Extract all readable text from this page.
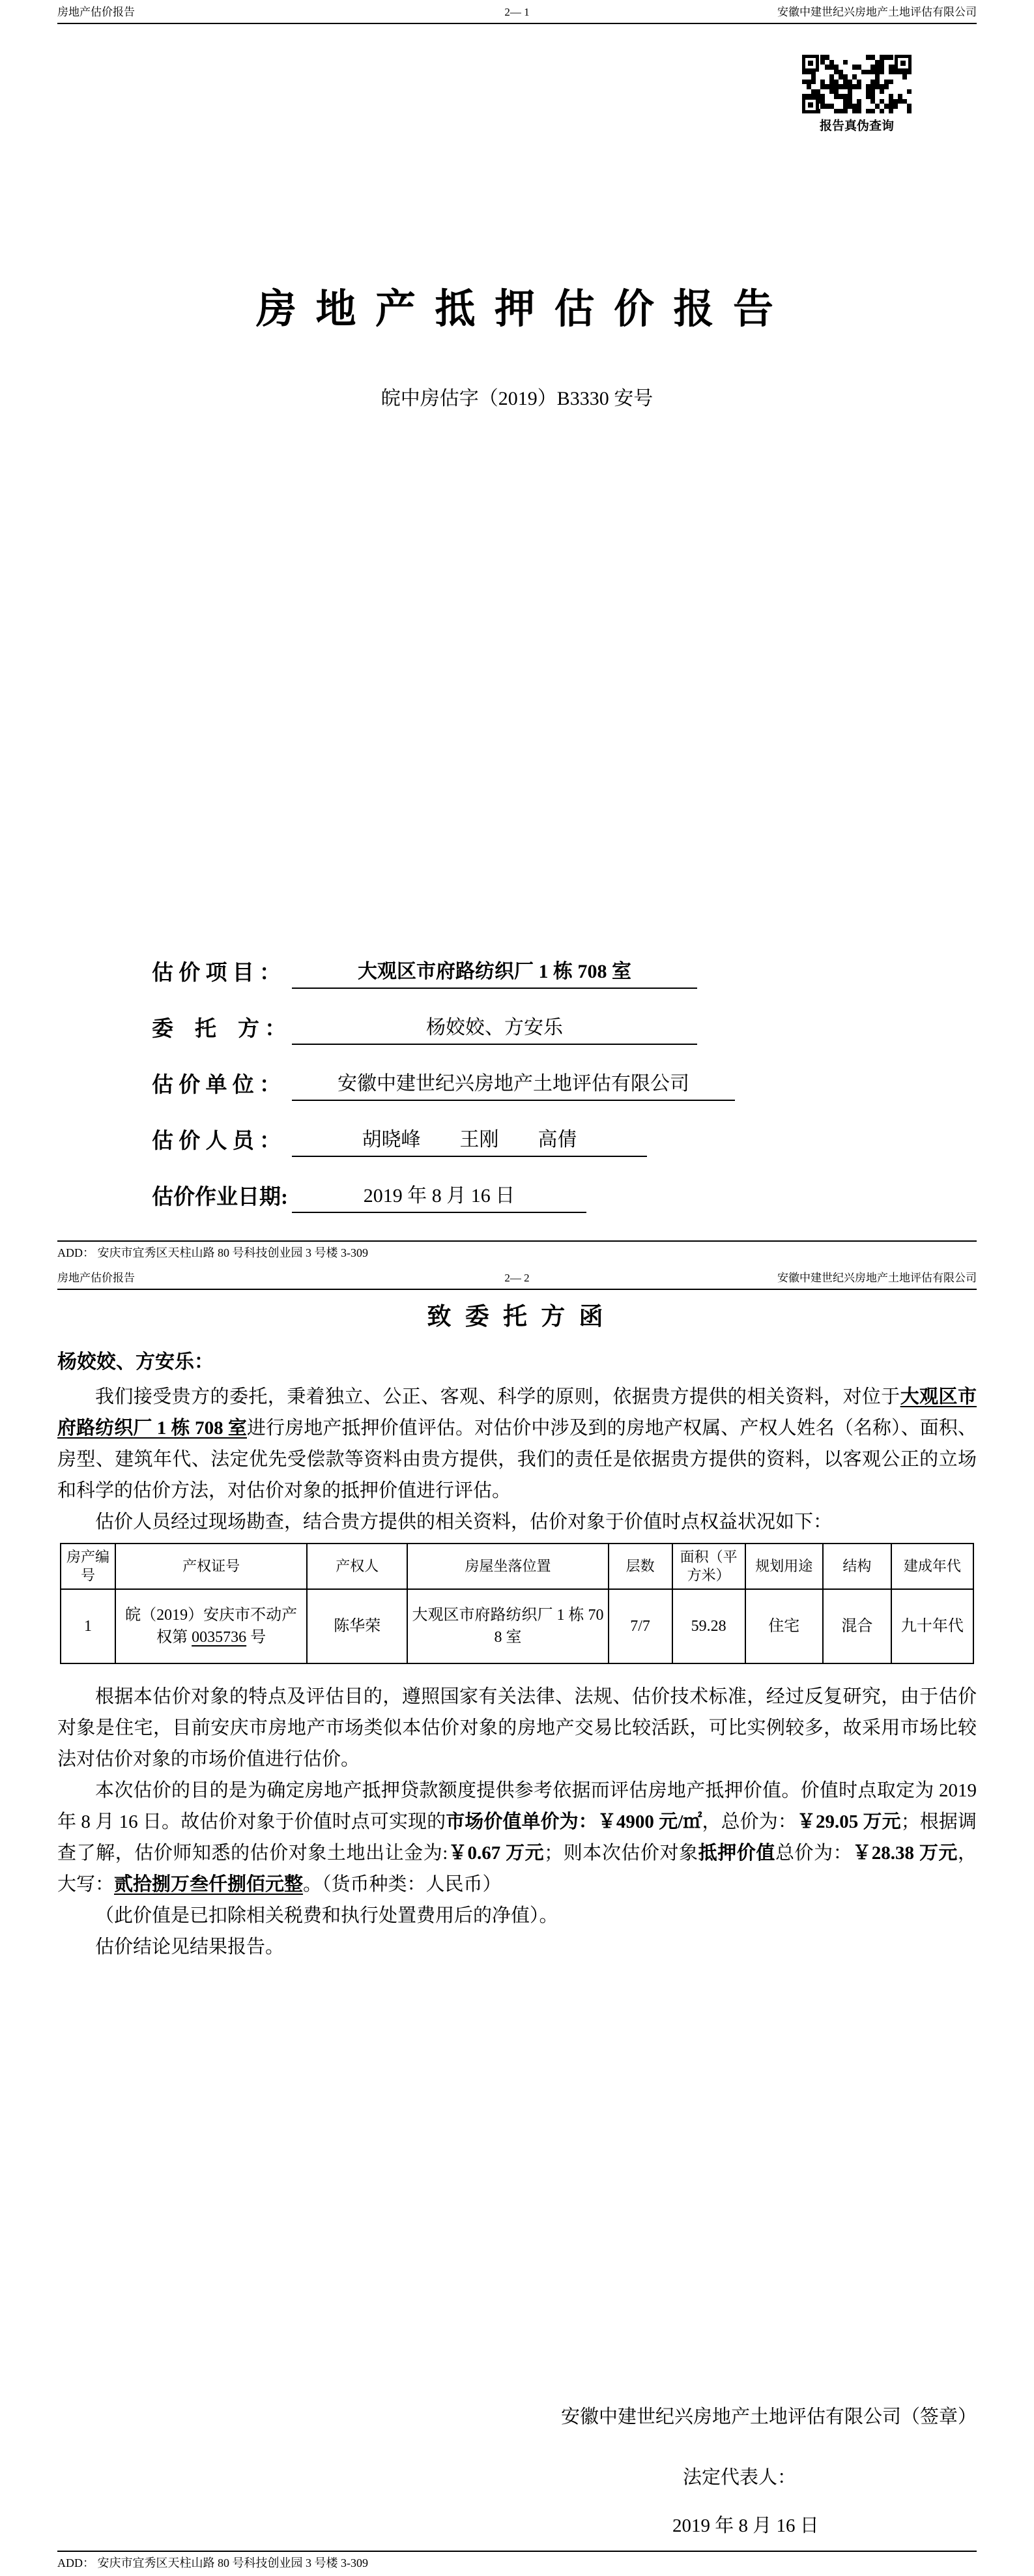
房地产估价报告	2— 1	安徽中建世纪兴房地产土地评估有限公司
报告真伪查询
房 地 产 抵 押 估 价 报 告
皖中房估字（2019）B3330 安号
估 价 项 目 ：	大观区市府路纺织厂 1 栋 708 室
委　托　方 ：	杨姣姣、方安乐
估 价 单 位 ：	安徽中建世纪兴房地产土地评估有限公司
估 价 人 员 ：	胡晓峰　　王刚　　高倩
估价作业日期:	2019 年 8 月 16 日
ADD： 安庆市宜秀区天柱山路 80 号科技创业园 3 号楼 3-309
房地产估价报告	2— 2	安徽中建世纪兴房地产土地评估有限公司
致 委 托 方 函
杨姣姣、方安乐：

我们接受贵方的委托，秉着独立、公正、客观、科学的原则，依据贵方提供的相关资料，对位于大观区市府路纺织厂 1 栋 708 室进行房地产抵押价值评估。对估价中涉及到的房地产权属、产权人姓名（名称）、面积、房型、建筑年代、法定优先受偿款等资料由贵方提供，我们的责任是依据贵方提供的资料，以客观公正的立场和科学的估价方法，对估价对象的抵押价值进行评估。

估价人员经过现场勘查，结合贵方提供的相关资料，估价对象于价值时点权益状况如下：

房产编号	产权证号	产权人	房屋坐落位置	层数	面积（平方米）	规划用途	结构	建成年代
1	皖（2019）安庆市不动产权第 0035736 号	陈华荣	大观区市府路纺织厂 1 栋 708 室	7/7	59.28	住宅	混合	九十年代

根据本估价对象的特点及评估目的，遵照国家有关法律、法规、估价技术标准，经过反复研究，由于估价对象是住宅，目前安庆市房地产市场类似本估价对象的房地产交易比较活跃，可比实例较多，故采用市场比较法对估价对象的市场价值进行估价。

本次估价的目的是为确定房地产抵押贷款额度提供参考依据而评估房地产抵押价值。价值时点取定为 2019 年 8 月 16 日。故估价对象于价值时点可实现的市场价值单价为：￥4900 元/㎡，总价为：￥29.05 万元；根据调查了解，估价师知悉的估价对象土地出让金为:￥0.67 万元；则本次估价对象抵押价值总价为：￥28.38 万元，大写：贰拾捌万叁仟捌佰元整。（货币种类：人民币）

（此价值是已扣除相关税费和执行处置费用后的净值）。

估价结论见结果报告。

安徽中建世纪兴房地产土地评估有限公司（签章）
法定代表人：
2019 年 8 月 16 日
ADD： 安庆市宜秀区天柱山路 80 号科技创业园 3 号楼 3-309
